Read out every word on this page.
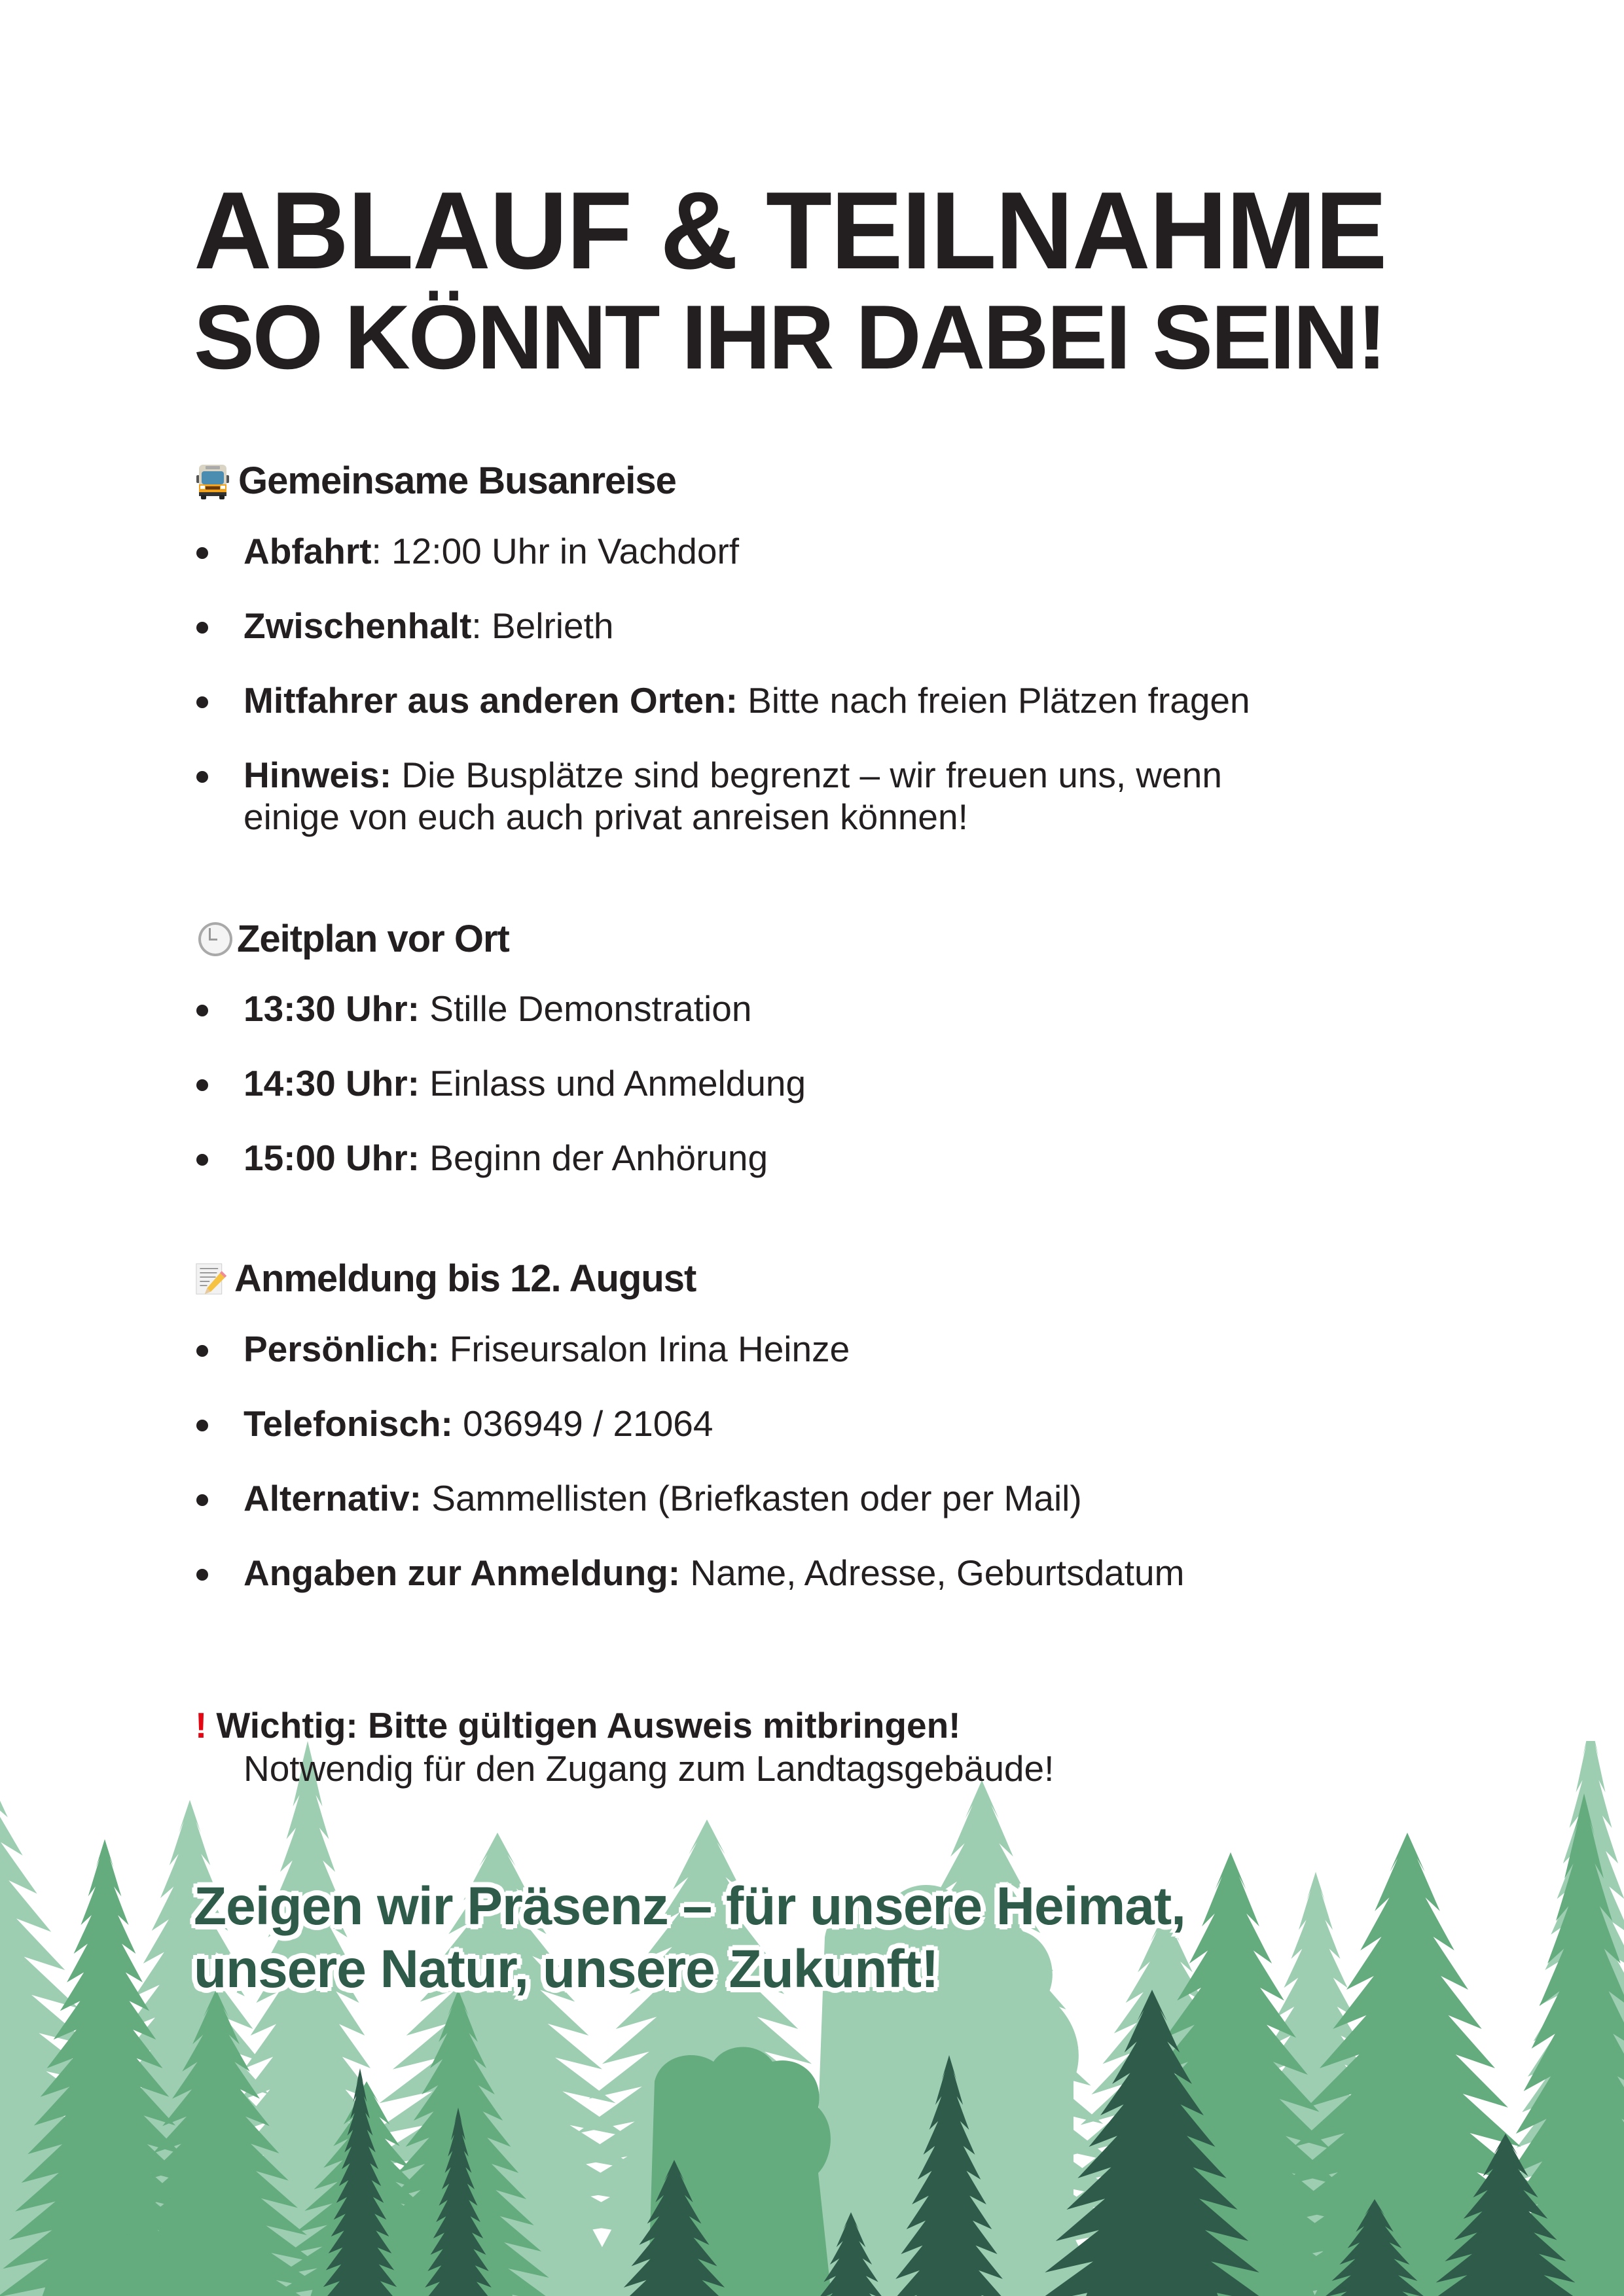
ABLAUF & TEILNAHME
SO KÖNNT IHR DABEI SEIN!
Gemeinsame Busanreise
Abfahrt: 12:00 Uhr in Vachdorf
Zwischenhalt: Belrieth
Mitfahrer aus anderen Orten: Bitte nach freien Plätzen fragen
Hinweis: Die Busplätze sind begrenzt – wir freuen uns, wenn
einige von euch auch privat anreisen können!
Zeitplan vor Ort
13:30 Uhr: Stille Demonstration
14:30 Uhr: Einlass und Anmeldung
15:00 Uhr: Beginn der Anhörung
Anmeldung bis 12. August
Persönlich: Friseursalon Irina Heinze
Telefonisch: 036949 / 21064
Alternativ: Sammellisten (Briefkasten oder per Mail)
Angaben zur Anmeldung: Name, Adresse, Geburtsdatum
! Wichtig: Bitte gültigen Ausweis mitbringen!
Notwendig für den Zugang zum Landtagsgebäude!
Zeigen wir Präsenz – für unsere Heimat,
unsere Natur, unsere Zukunft!
